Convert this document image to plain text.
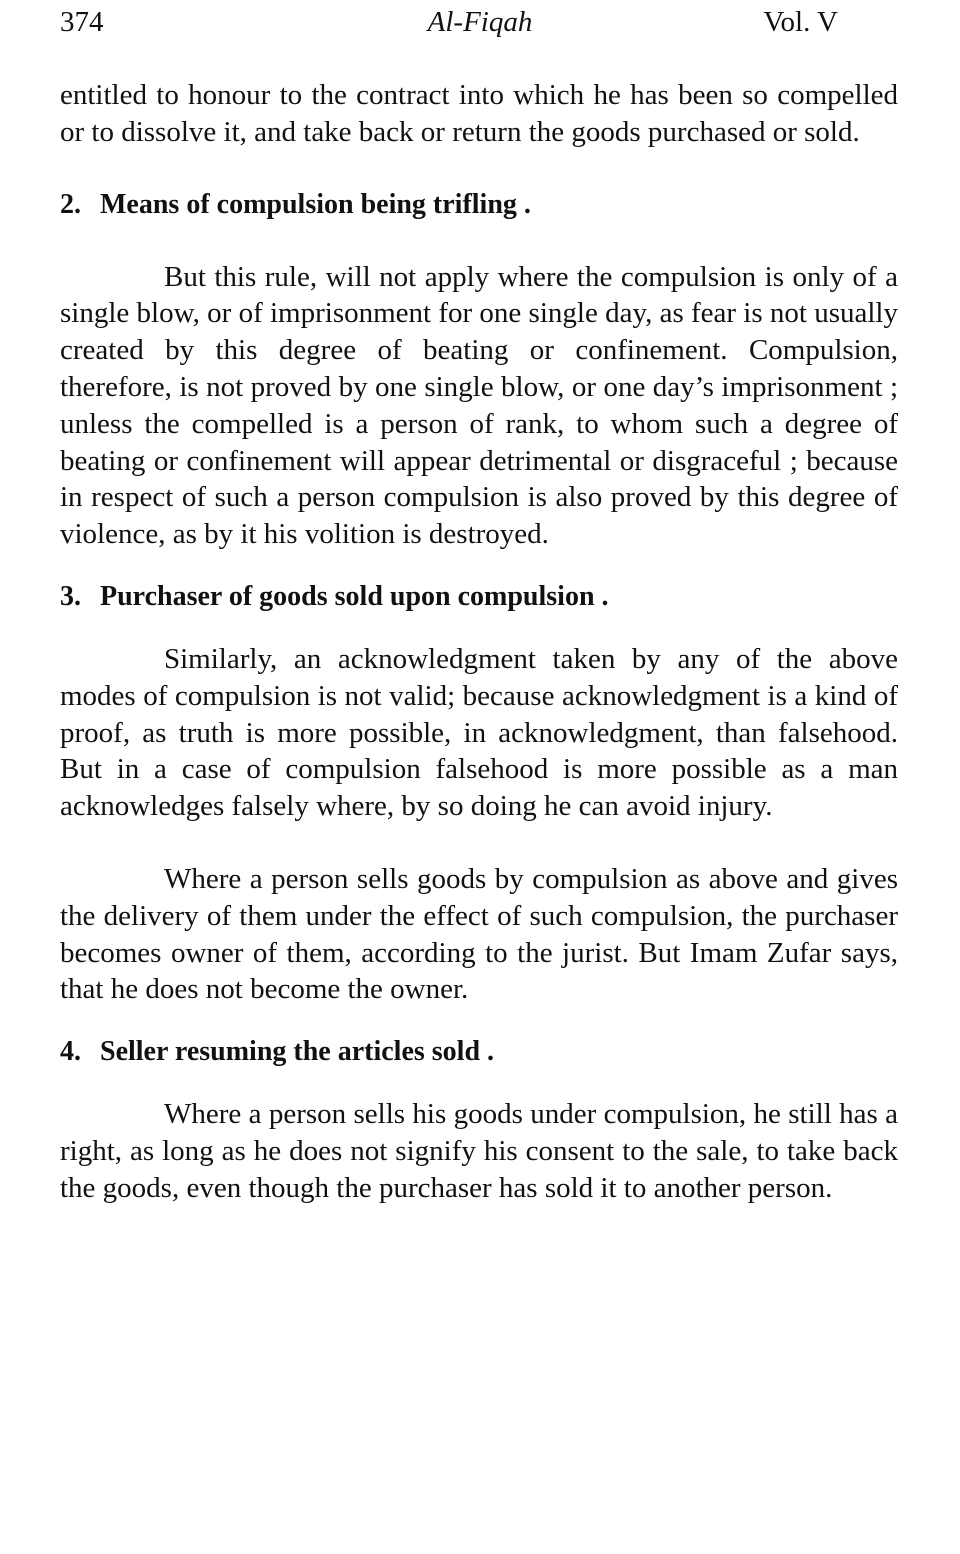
374	Al-Fiqah	Vol. V

entitled to honour to the contract into which he has been so compelled or to dissolve it, and take back or return the goods purchased or sold.

2. Means of compulsion being trifling .

But this rule, will not apply where the compulsion is only of a single blow, or of imprisonment for one single day, as fear is not usually created by this degree of beating or confinement. Compulsion, therefore, is not proved by one single blow, or one day’s imprisonment ; unless the compelled is a person of rank, to whom such a degree of beating or confinement will appear detrimental or disgraceful ; because in respect of such a person compulsion is also proved by this degree of violence, as by it his volition is destroyed.

3. Purchaser of goods sold upon compulsion .

Similarly, an acknowledgment taken by any of the above modes of compulsion is not valid; because acknowledgment is a kind of proof, as truth is more possible, in acknowledgment, than falsehood. But in a case of compulsion falsehood is more possible as a man acknowledges falsely where, by so doing he can avoid injury.

Where a person sells goods by compulsion as above and gives the delivery of them under the effect of such compulsion, the purchaser becomes owner of them, according to the jurist. But Imam Zufar says, that he does not become the owner.

4. Seller resuming the articles sold .

Where a person sells his goods under compulsion, he still has a right, as long as he does not signify his consent to the sale, to take back the goods, even though the purchaser has sold it to another person.
